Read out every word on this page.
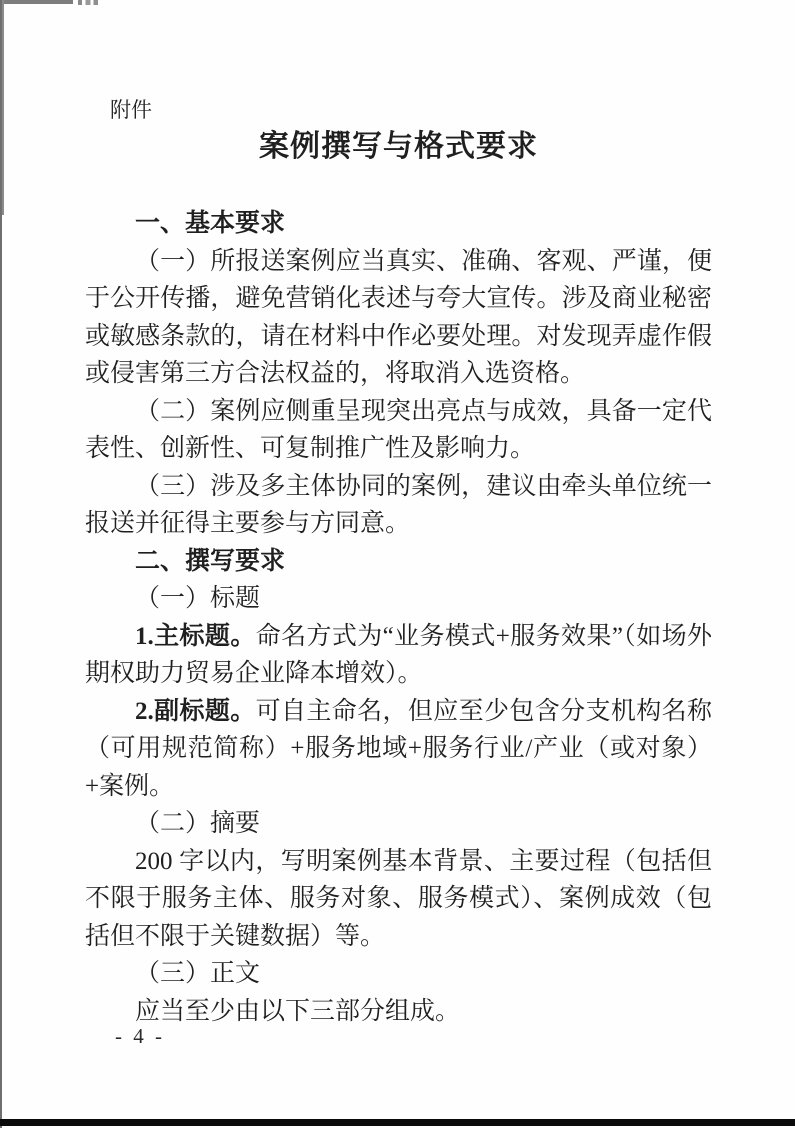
附件
案例撰写与格式要求

一、基本要求

（一）所报送案例应当真实、准确、客观、严谨，便于公开传播，避免营销化表述与夸大宣传。涉及商业秘密或敏感条款的，请在材料中作必要处理。对发现弄虚作假或侵害第三方合法权益的，将取消入选资格。

（二）案例应侧重呈现突出亮点与成效，具备一定代表性、创新性、可复制推广性及影响力。

（三）涉及多主体协同的案例，建议由牵头单位统一报送并征得主要参与方同意。

二、撰写要求

（一）标题

1.主标题。命名方式为“业务模式+服务效果”（如场外期权助力贸易企业降本增效）。

2.副标题。可自主命名，但应至少包含分支机构名称（可用规范简称）+服务地域+服务行业/产业（或对象）+案例。

（二）摘要

200 字以内，写明案例基本背景、主要过程（包括但不限于服务主体、服务对象、服务模式）、案例成效（包括但不限于关键数据）等。

（三）正文

应当至少由以下三部分组成。

- 4 -
